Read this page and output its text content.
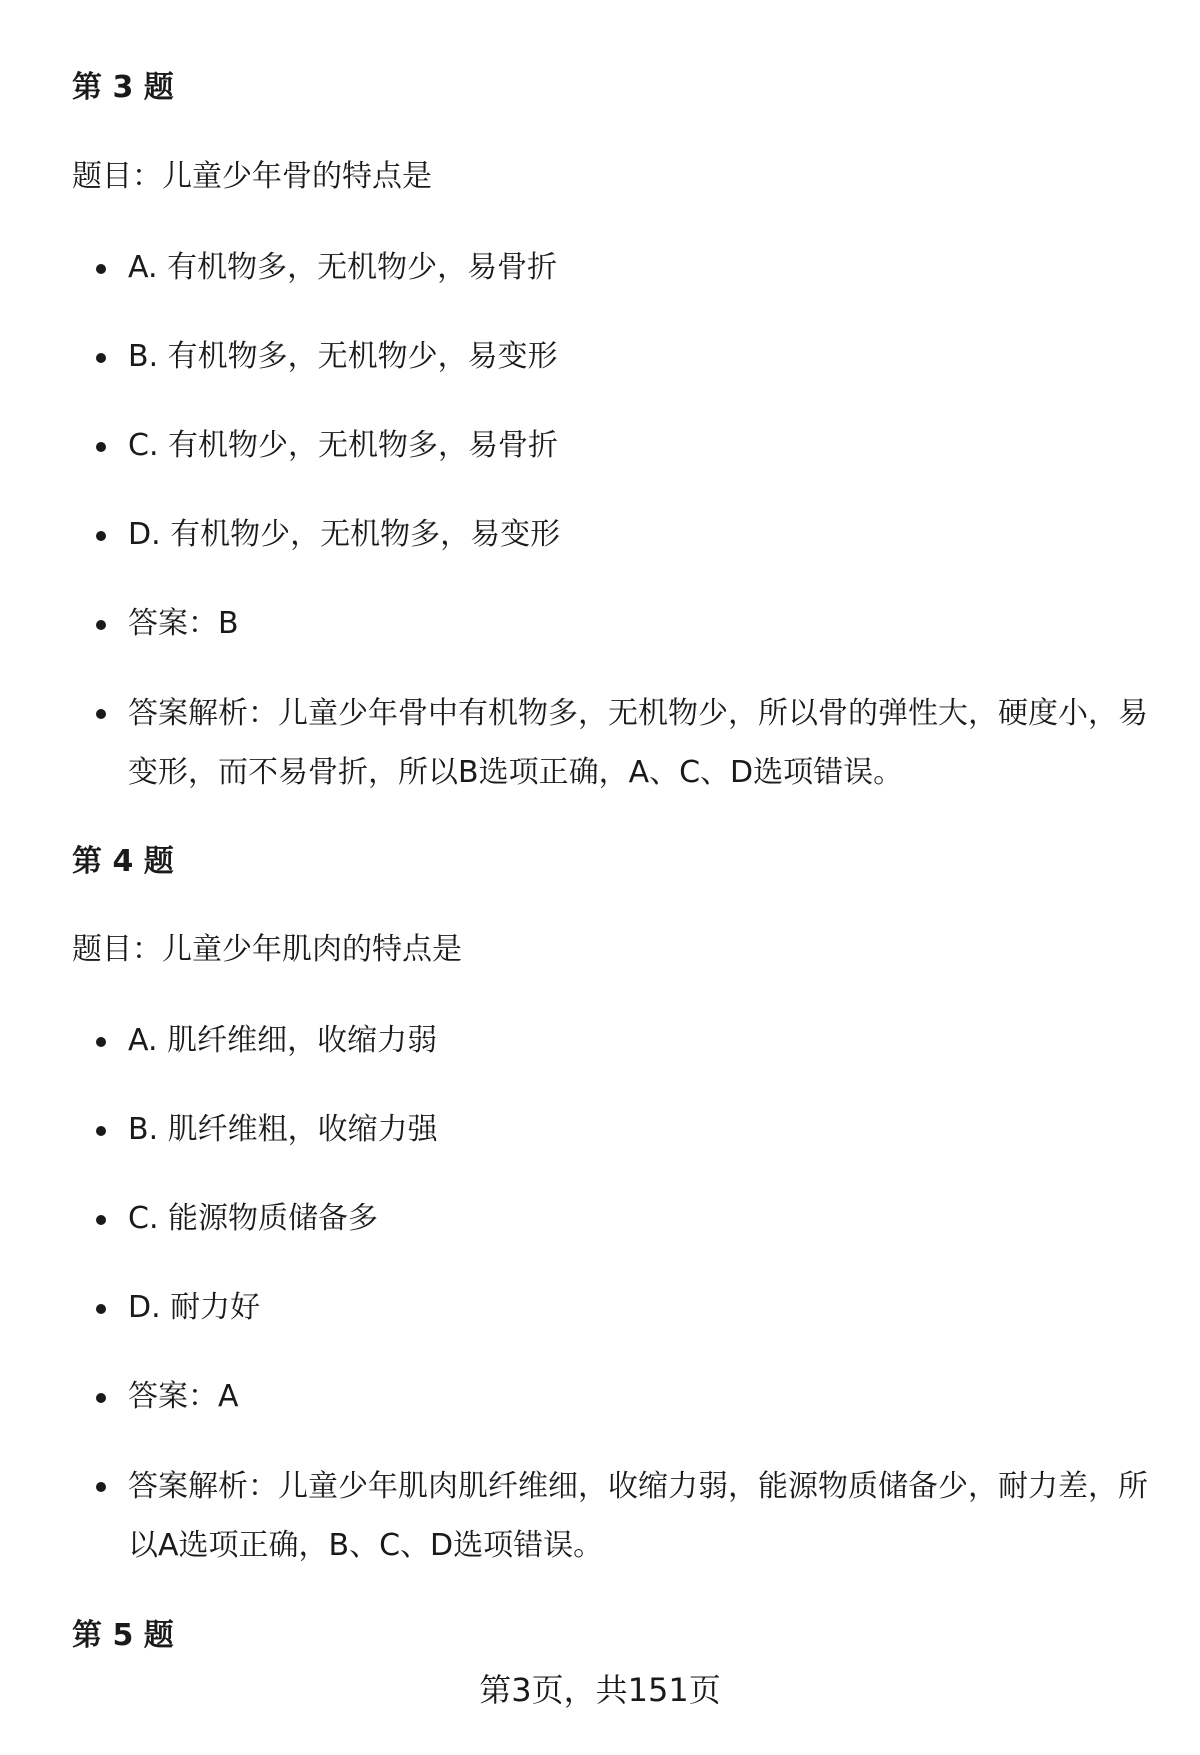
第 3 题

题目：儿童少年骨的特点是

A. 有机物多，无机物少，易骨折

B. 有机物多，无机物少，易变形

C. 有机物少，无机物多，易骨折

D. 有机物少，无机物多，易变形

答案：B

答案解析：儿童少年骨中有机物多，无机物少，所以骨的弹性大，硬度小，易变形，而不易骨折，所以B选项正确，A、C、D选项错误。

第 4 题

题目：儿童少年肌肉的特点是

A. 肌纤维细，收缩力弱

B. 肌纤维粗，收缩力强

C. 能源物质储备多

D. 耐力好

答案：A

答案解析：儿童少年肌肉肌纤维细，收缩力弱，能源物质储备少，耐力差，所以A选项正确，B、C、D选项错误。

第 5 题
第3页，共151页
